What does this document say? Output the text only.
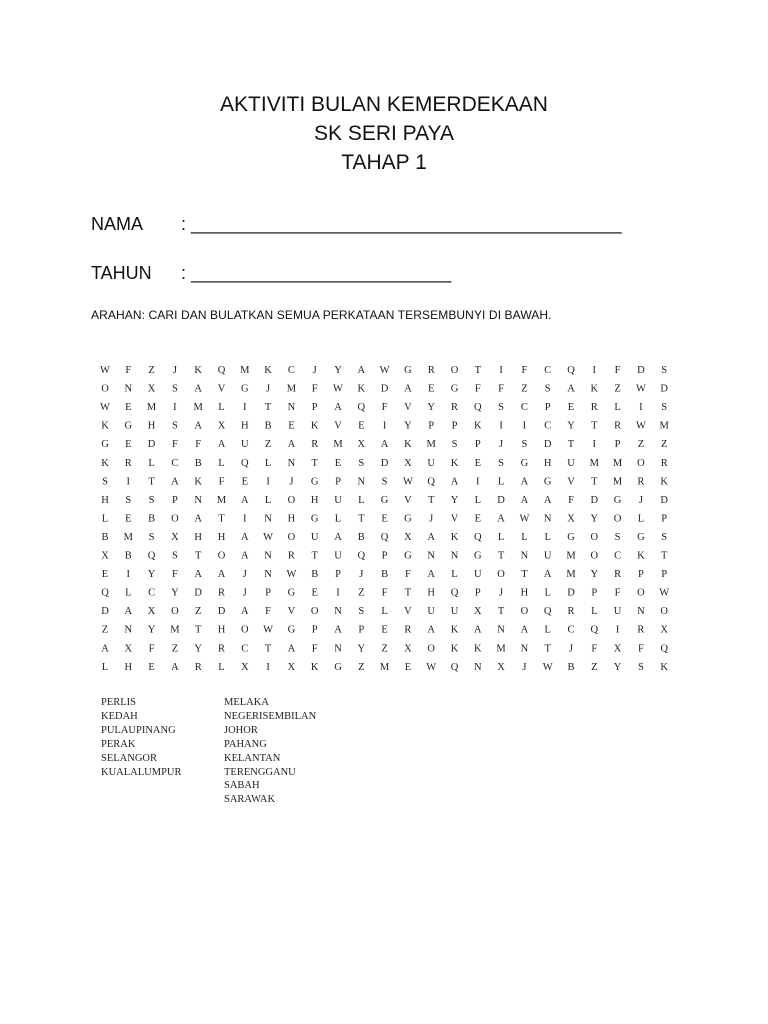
AKTIVITI BULAN KEMERDEKAAN
SK SERI PAYA
TAHAP 1
NAMA : ___________________________________________
TAHUN : __________________________
ARAHAN: CARI DAN BULATKAN SEMUA PERKATAAN TERSEMBUNYI DI BAWAH.
W F Z J K Q M K C J Y A W G R O T I F C Q I F D S
O N X S A V G J M F W K D A E G F F Z S A K Z W D
W E M I M L I T N P A Q F V Y R Q S C P E R L I S
K G H S A X H B E K V E I Y P P K I I C Y T R W M
G E D F F A U Z A R M X A K M S P J S D T I P Z Z
K R L C B L Q L N T E S D X U K E S G H U M M O R
S I T A K F E I J G P N S W Q A I L A G V T M R K
H S S P N M A L O H U L G V T Y L D A A F D G J D
L E B O A T I N H G L T E G J V E A W N X Y O L P
B M S X H H A W O U A B Q X A K Q L L L G O S G S
X B Q S T O A N R T U Q P G N N G T N U M O C K T
E I Y F A A J N W B P J B F A L U O T A M Y R P P
Q L C Y D R J P G E I Z F T H Q P J H L D P F O W
D A X O Z D A F V O N S L V U U X T O Q R L U N O
Z N Y M T H O W G P A P E R A K A N A L C Q I R X
A X F Z Y R C T A F N Y Z X O K K M N T J F X F Q
L H E A R L X I X K G Z M E W Q N X J W B Z Y S K
PERLIS
KEDAH
PULAUPINANG
PERAK
SELANGOR
KUALALUMPUR
MELAKA
NEGERISEMBILAN
JOHOR
PAHANG
KELANTAN
TERENGGANU
SABAH
SARAWAK
